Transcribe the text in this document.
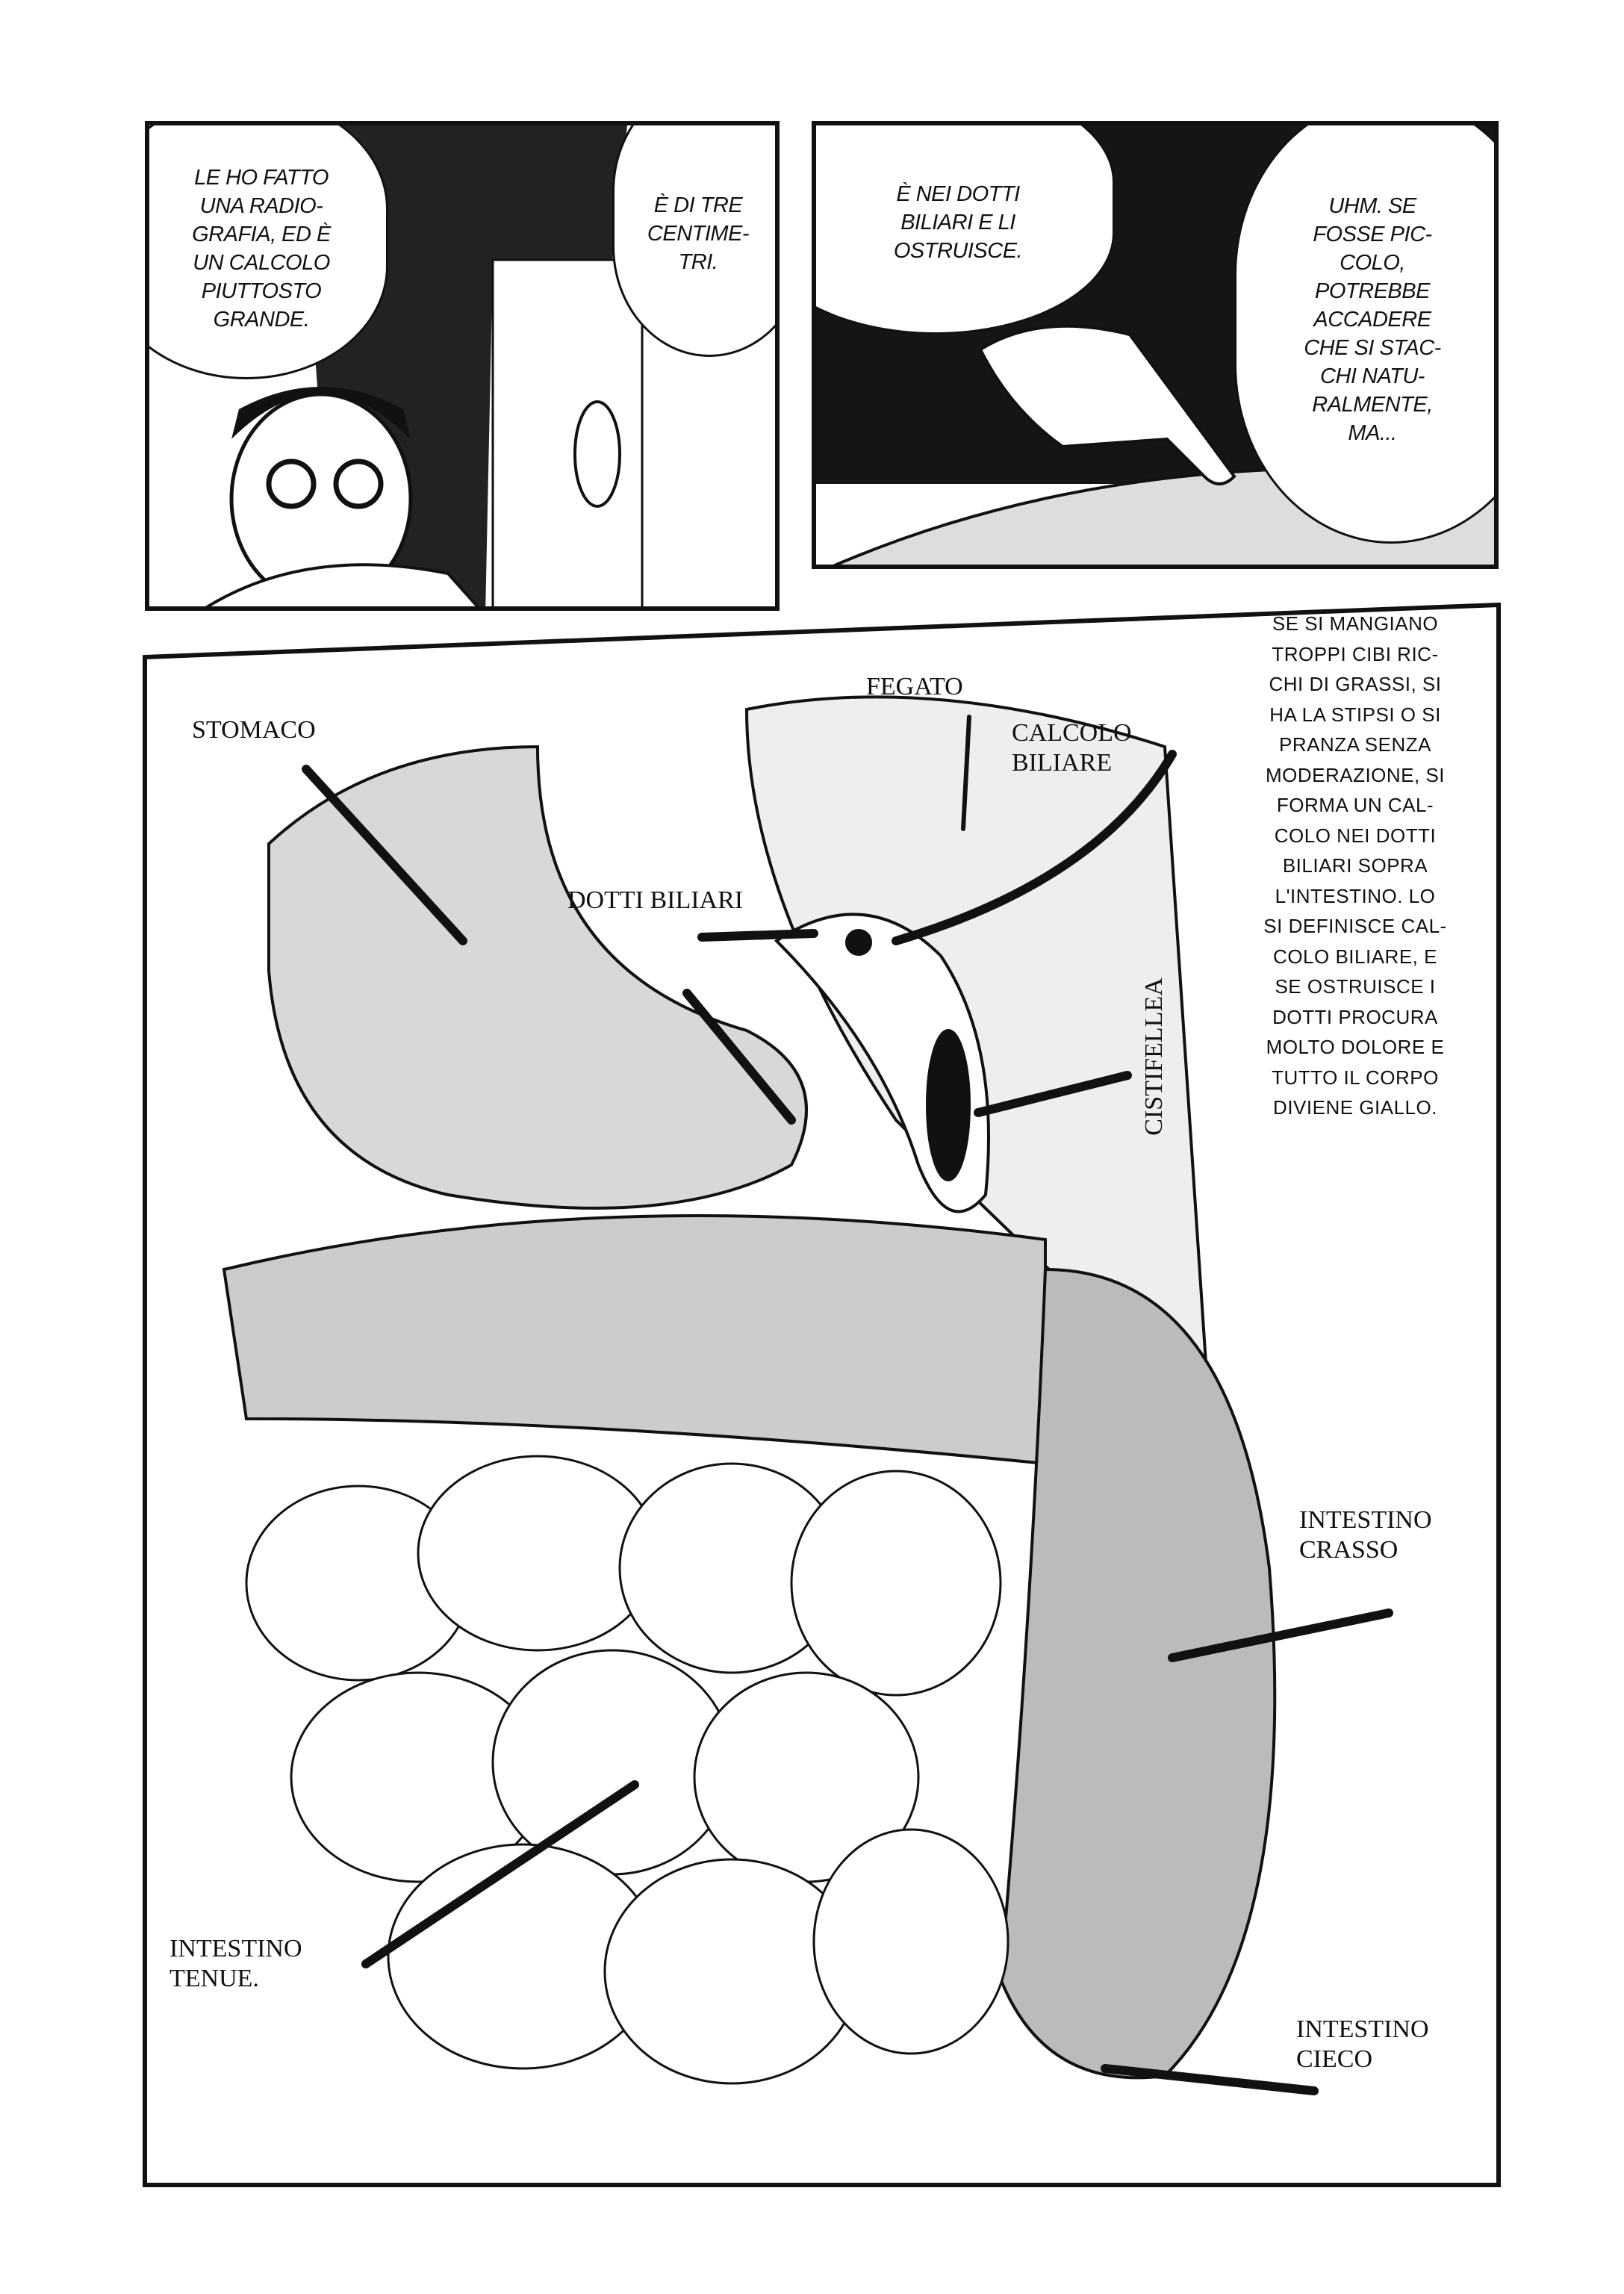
LE HO FATTO
UNA RADIO-
GRAFIA, ED È
UN CALCOLO
PIUTTOSTO
GRANDE.
È DI TRE
CENTIME-
TRI.
È NEI DOTTI
BILIARI E LI
OSTRUISCE.
UHM. SE
FOSSE PIC-
COLO,
POTREBBE
ACCADERE
CHE SI STAC-
CHI NATU-
RALMENTE,
MA...
STOMACO
FEGATO
CALCOLO
BILIARE
DOTTI BILIARI
CISTIFELLEA
SE SI MANGIANO
TROPPI CIBI RIC-
CHI DI GRASSI, SI
HA LA STIPSI O SI
PRANZA SENZA
MODERAZIONE, SI
FORMA UN CAL-
COLO NEI DOTTI
BILIARI SOPRA
L'INTESTINO. LO
SI DEFINISCE CAL-
COLO BILIARE, E
SE OSTRUISCE I
DOTTI PROCURA
MOLTO DOLORE E
TUTTO IL CORPO
DIVIENE GIALLO.
INTESTINO
CRASSO
INTESTINO
TENUE.
INTESTINO
CIECO
